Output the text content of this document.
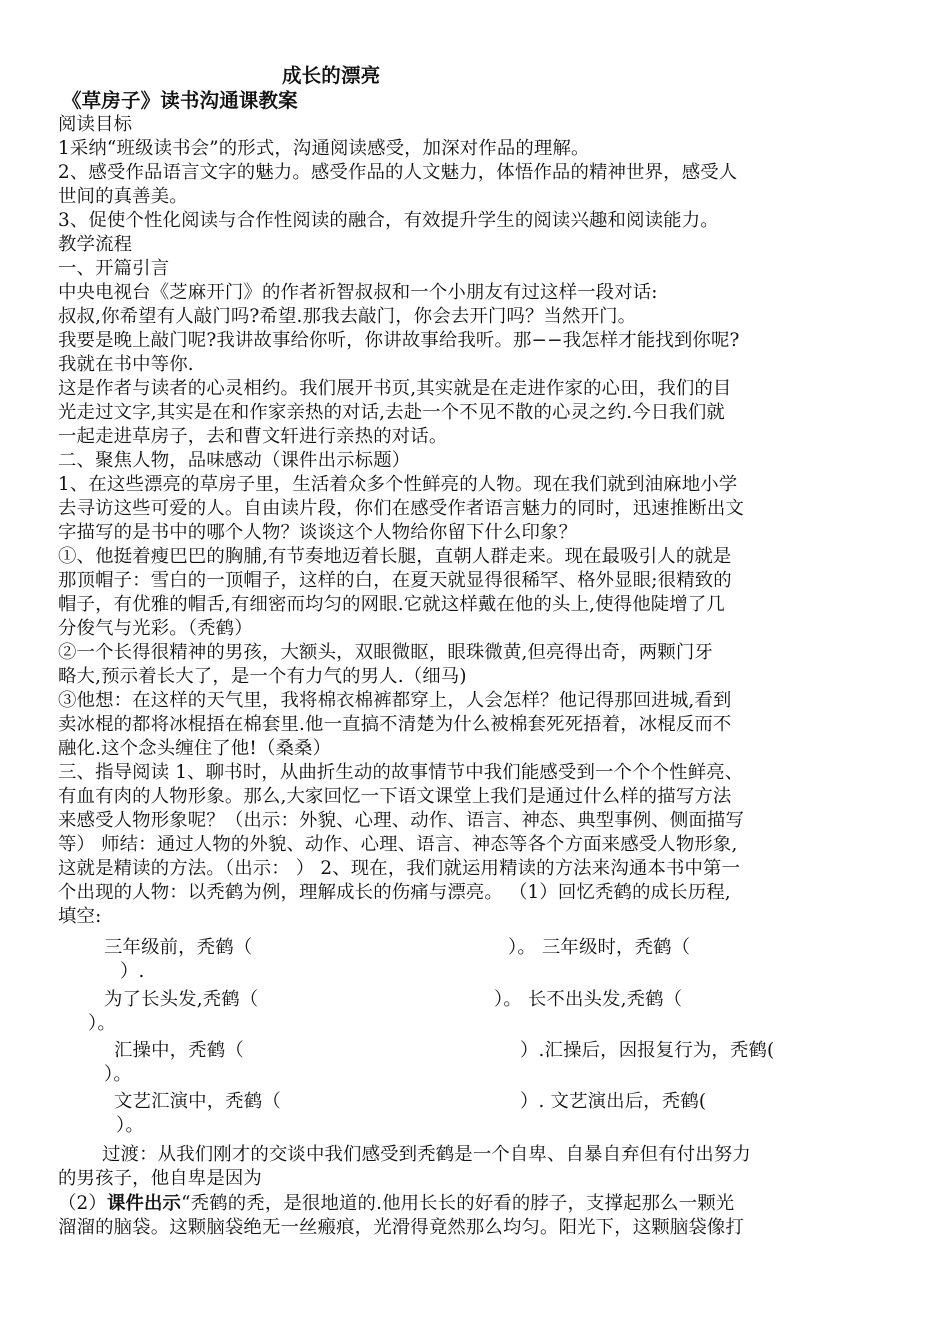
成长的漂亮
《草房子》读书沟通课教案
阅读目标
1采纳“班级读书会”的形式，沟通阅读感受，加深对作品的理解。
2、感受作品语言文字的魅力。感受作品的人文魅力，体悟作品的精神世界，感受人
世间的真善美。
3、促使个性化阅读与合作性阅读的融合，有效提升学生的阅读兴趣和阅读能力。
教学流程
一、开篇引言
中央电视台《芝麻开门》的作者祈智叔叔和一个小朋友有过这样一段对话:
叔叔,你希望有人敲门吗?希望.那我去敲门，你会去开门吗？当然开门。
我要是晚上敲门呢?我讲故事给你听，你讲故事给我听。那−−我怎样才能找到你呢?
我就在书中等你.
这是作者与读者的心灵相约。我们展开书页,其实就是在走进作家的心田，我们的目
光走过文字,其实是在和作家亲热的对话,去赴一个不见不散的心灵之约.今日我们就
一起走进草房子，去和曹文轩进行亲热的对话。
二、聚焦人物，品味感动（课件出示标题）
1、在这些漂亮的草房子里，生活着众多个性鲜亮的人物。现在我们就到油麻地小学
去寻访这些可爱的人。自由读片段，你们在感受作者语言魅力的同时，迅速推断出文
字描写的是书中的哪个人物？谈谈这个人物给你留下什么印象？
①、他挺着瘦巴巴的胸脯,有节奏地迈着长腿，直朝人群走来。现在最吸引人的就是
那顶帽子：雪白的一顶帽子，这样的白，在夏天就显得很稀罕、格外显眼;很精致的
帽子，有优雅的帽舌,有细密而均匀的网眼.它就这样戴在他的头上,使得他陡增了几
分俊气与光彩。（秃鹤）
②一个长得很精神的男孩，大额头，双眼微眍，眼珠微黄,但亮得出奇，两颗门牙
略大,预示着长大了，是一个有力气的男人.（细马)
③他想：在这样的天气里，我将棉衣棉裤都穿上，人会怎样？他记得那回进城,看到
卖冰棍的都将冰棍捂在棉套里.他一直搞不清楚为什么被棉套死死捂着，冰棍反而不
融化.这个念头缠住了他!（桑桑）
三、指导阅读 1、聊书时，从曲折生动的故事情节中我们能感受到一个个个性鲜亮、
有血有肉的人物形象。那么,大家回忆一下语文课堂上我们是通过什么样的描写方法
来感受人物形象呢？（出示：外貌、心理、动作、语言、神态、典型事例、侧面描写
等） 师结：通过人物的外貌、动作、心理、语言、神态等各个方面来感受人物形象,
这就是精读的方法。（出示： ） 2、现在，我们就运用精读的方法来沟通本书中第一
个出现的人物：以秃鹤为例，理解成长的伤痛与漂亮。 （1）回忆秃鹤的成长历程,
填空:
三年级前，秃鹤（	）。 三年级时，秃鹤（
）.
为了长头发,秃鹤（	）。 长不出头发,秃鹤（
）。
汇操中，秃鹤（	）.汇操后，因报复行为，秃鹤(
）。
文艺汇演中，秃鹤（	）. 文艺演出后，秃鹤(
）。
过渡：从我们刚才的交谈中我们感受到秃鹤是一个自卑、自暴自弃但有付出努力
的男孩子，他自卑是因为
（2）课件出示“秃鹤的秃，是很地道的.他用长长的好看的脖子，支撑起那么一颗光
溜溜的脑袋。这颗脑袋绝无一丝瘢痕，光滑得竟然那么均匀。阳光下，这颗脑袋像打
